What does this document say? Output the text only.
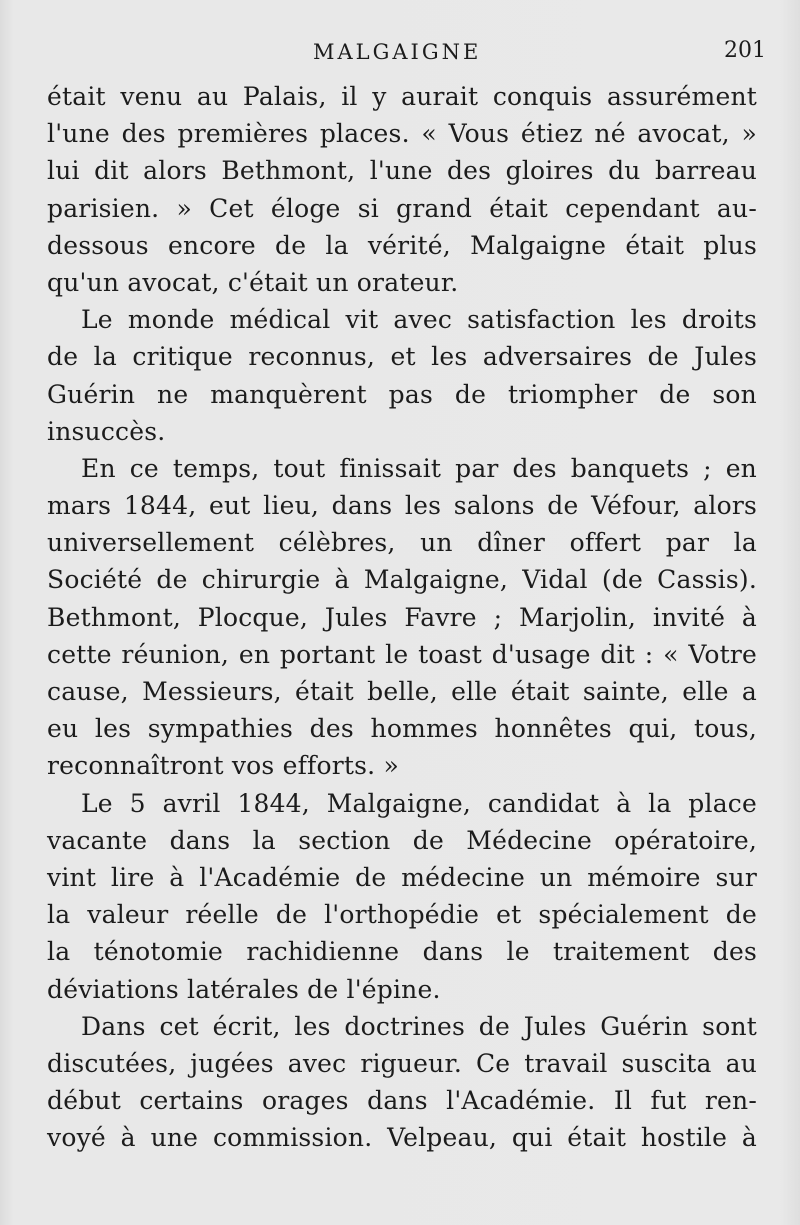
MALGAIGNE	201
était venu au Palais, il y aurait conquis assurément
l'une des premières places. « Vous étiez né avocat, »
lui dit alors Bethmont, l'une des gloires du barreau
parisien. » Cet éloge si grand était cependant au-
dessous encore de la vérité, Malgaigne était plus
qu'un avocat, c'était un orateur.
Le monde médical vit avec satisfaction les droits
de la critique reconnus, et les adversaires de Jules
Guérin ne manquèrent pas de triompher de son
insuccès.
En ce temps, tout finissait par des banquets ; en
mars 1844, eut lieu, dans les salons de Véfour, alors
universellement célèbres, un dîner offert par la
Société de chirurgie à Malgaigne, Vidal (de Cassis).
Bethmont, Plocque, Jules Favre ; Marjolin, invité à
cette réunion, en portant le toast d'usage dit : « Votre
cause, Messieurs, était belle, elle était sainte, elle a
eu les sympathies des hommes honnêtes qui, tous,
reconnaîtront vos efforts. »
Le 5 avril 1844, Malgaigne, candidat à la place
vacante dans la section de Médecine opératoire,
vint lire à l'Académie de médecine un mémoire sur
la valeur réelle de l'orthopédie et spécialement de
la ténotomie rachidienne dans le traitement des
déviations latérales de l'épine.
Dans cet écrit, les doctrines de Jules Guérin sont
discutées, jugées avec rigueur. Ce travail suscita au
début certains orages dans l'Académie. Il fut ren-
voyé à une commission. Velpeau, qui était hostile à
